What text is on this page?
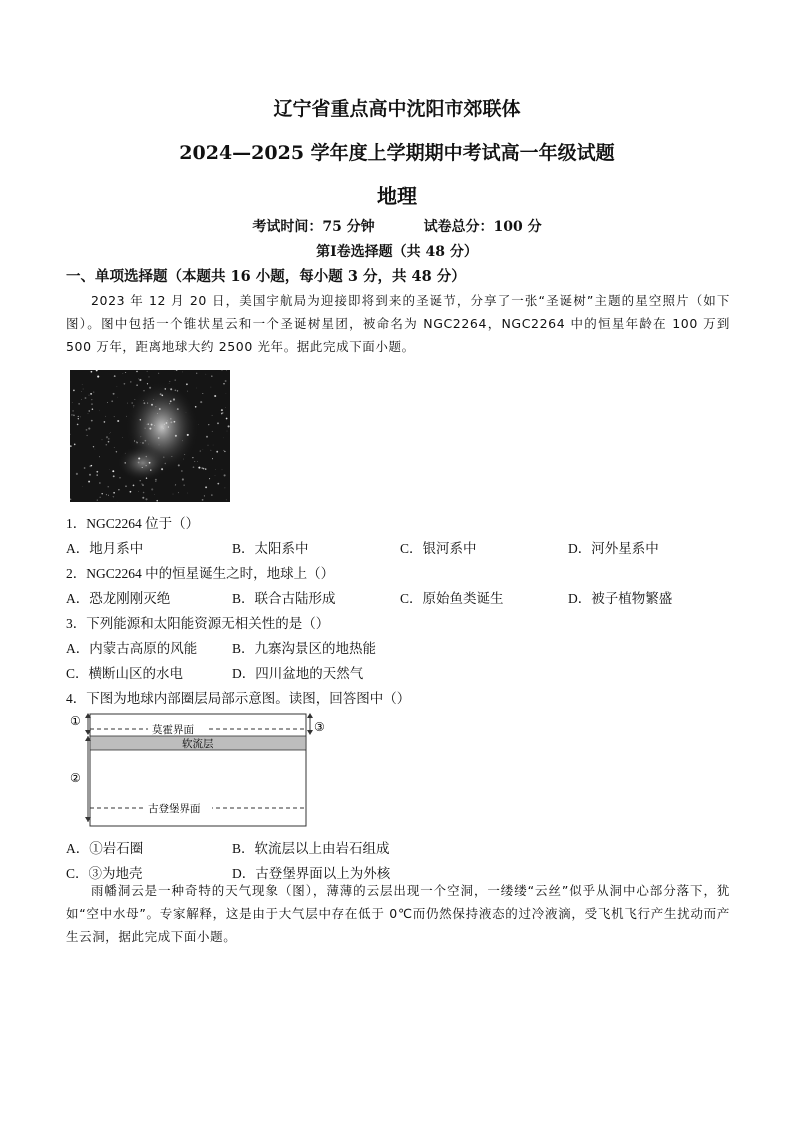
辽宁省重点高中沈阳市郊联体
2024—2025 学年度上学期期中考试高一年级试题
地理
考试时间：75 分钟	试卷总分：100 分
第Ⅰ卷选择题（共 48 分）
一、单项选择题（本题共 16 小题，每小题 3 分，共 48 分）
2023 年 12 月 20 日，美国宇航局为迎接即将到来的圣诞节，分享了一张“圣诞树”主题的星空照片（如下图）。图中包括一个锥状星云和一个圣诞树星团，被命名为 NGC2264，NGC2264 中的恒星年龄在 100 万到 500 万年，距离地球大约 2500 光年。据此完成下面小题。
1．NGC2264 位于（）
A．地月系中	B．太阳系中	C．银河系中	D．河外星系中
2．NGC2264 中的恒星诞生之时，地球上（）
A．恐龙刚刚灭绝	B．联合古陆形成	C．原始鱼类诞生	D．被子植物繁盛
3．下列能源和太阳能资源无相关性的是（）
A．内蒙古高原的风能	B．九寨沟景区的地热能
C．横断山区的水电	D．四川盆地的天然气
4．下图为地球内部圈层局部示意图。读图，回答图中（）
①
②
③
莫霍界面
软流层
古登堡界面
A．①岩石圈	B．软流层以上由岩石组成
C．③为地壳	D．古登堡界面以上为外核
雨幡洞云是一种奇特的天气现象（图），薄薄的云层出现一个空洞，一缕缕“云丝”似乎从洞中心部分落下，犹如“空中水母”。专家解释，这是由于大气层中存在低于 0℃而仍然保持液态的过冷液滴，受飞机飞行产生扰动而产生云洞，据此完成下面小题。
